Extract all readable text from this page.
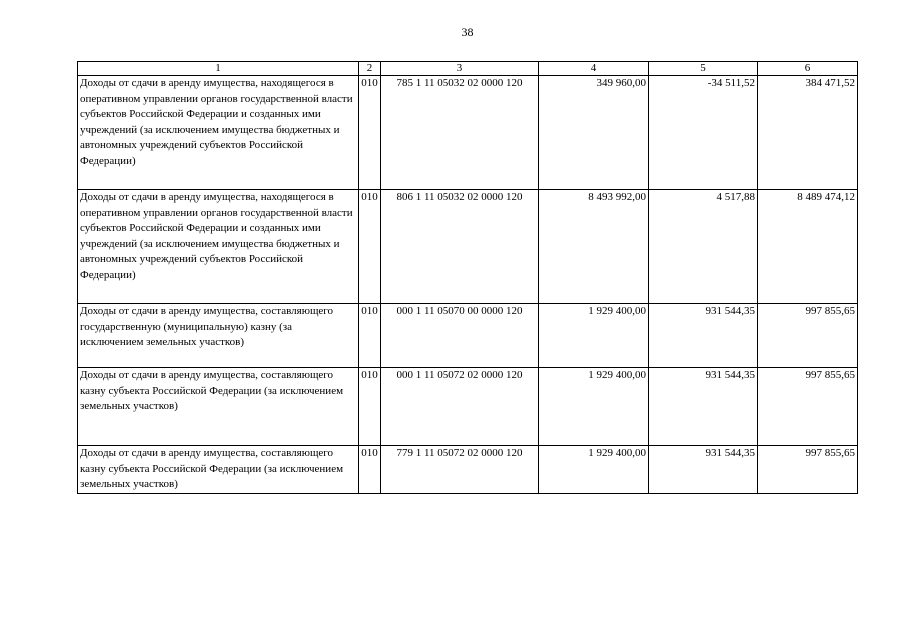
38
1	2	3	4	5	6
Доходы от сдачи в аренду имущества, находящегося в оперативном управлении органов государственной власти субъектов Российской Федерации и созданных ими учреждений (за исключением имущества бюджетных и автономных учреждений субъектов Российской Федерации)	010	785 1 11 05032 02 0000 120	349 960,00	-34 511,52	384 471,52
Доходы от сдачи в аренду имущества, находящегося в оперативном управлении органов государственной власти субъектов Российской Федерации и созданных ими учреждений (за исключением имущества бюджетных и автономных учреждений субъектов Российской Федерации)	010	806 1 11 05032 02 0000 120	8 493 992,00	4 517,88	8 489 474,12
Доходы от сдачи в аренду имущества, составляющего государственную (муниципальную) казну (за исключением земельных участков)	010	000 1 11 05070 00 0000 120	1 929 400,00	931 544,35	997 855,65
Доходы от сдачи в аренду имущества, составляющего казну субъекта Российской Федерации (за исключением земельных участков)	010	000 1 11 05072 02 0000 120	1 929 400,00	931 544,35	997 855,65
Доходы от сдачи в аренду имущества, составляющего казну субъекта Российской Федерации (за исключением земельных участков)	010	779 1 11 05072 02 0000 120	1 929 400,00	931 544,35	997 855,65
